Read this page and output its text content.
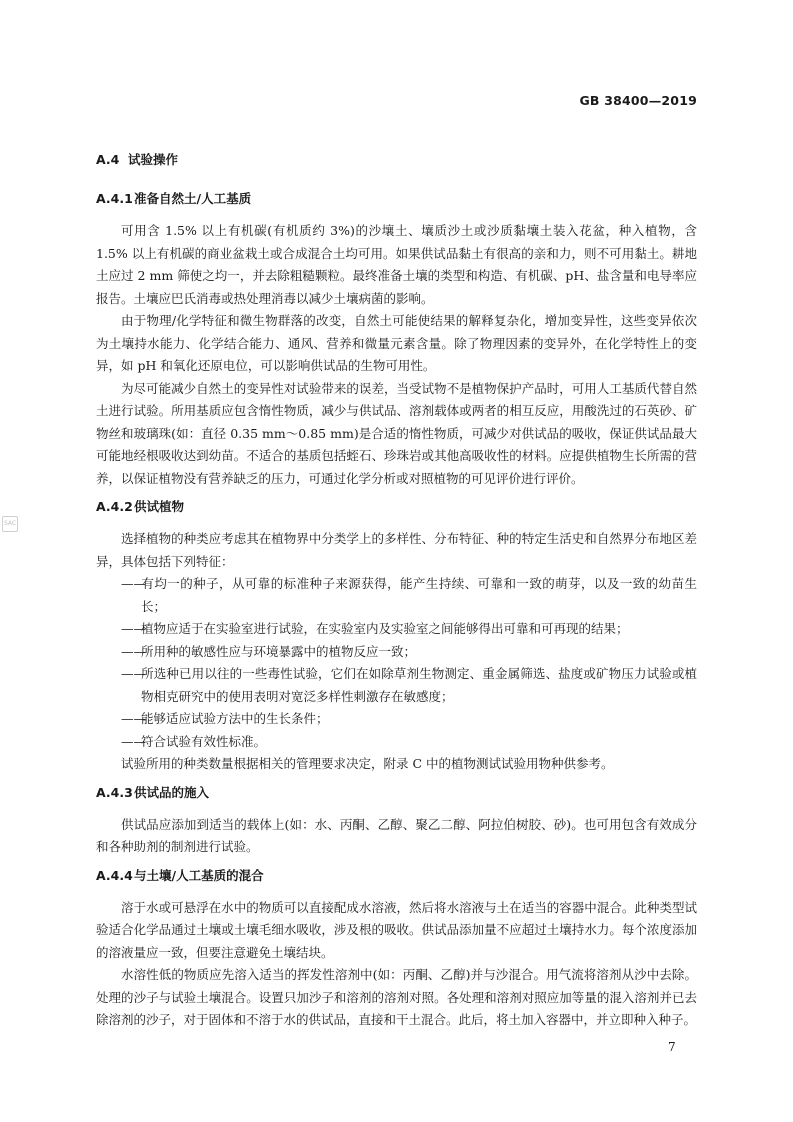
GB 38400—2019
SAC
A.4 试验操作
A.4.1准备自然土/人工基质

可用含 1.5% 以上有机碳(有机质约 3%)的沙壤土、壤质沙土或沙质黏壤土装入花盆，种入植物，含 1.5% 以上有机碳的商业盆栽土或合成混合土均可用。如果供试品黏土有很高的亲和力，则不可用黏土。耕地土应过 2 mm 筛使之均一，并去除粗糙颗粒。最终准备土壤的类型和构造、有机碳、pH、盐含量和电导率应报告。土壤应巴氏消毒或热处理消毒以减少土壤病菌的影响。

由于物理/化学特征和微生物群落的改变，自然土可能使结果的解释复杂化，增加变异性，这些变异依次为土壤持水能力、化学结合能力、通风、营养和微量元素含量。除了物理因素的变异外，在化学特性上的变异，如 pH 和氧化还原电位，可以影响供试品的生物可用性。

为尽可能减少自然土的变异性对试验带来的误差，当受试物不是植物保护产品时，可用人工基质代替自然土进行试验。所用基质应包含惰性物质，减少与供试品、溶剂载体或两者的相互反应，用酸洗过的石英砂、矿物丝和玻璃珠(如：直径 0.35 mm～0.85 mm)是合适的惰性物质，可减少对供试品的吸收，保证供试品最大可能地经根吸收达到幼苗。不适合的基质包括蛭石、珍珠岩或其他高吸收性的材料。应提供植物生长所需的营养，以保证植物没有营养缺乏的压力，可通过化学分析或对照植物的可见评价进行评价。

A.4.2供试植物

选择植物的种类应考虑其在植物界中分类学上的多样性、分布特征、种的特定生活史和自然界分布地区差异，具体包括下列特征：

——有均一的种子，从可靠的标准种子来源获得，能产生持续、可靠和一致的萌芽，以及一致的幼苗生长；
——植物应适于在实验室进行试验，在实验室内及实验室之间能够得出可靠和可再现的结果；
——所用种的敏感性应与环境暴露中的植物反应一致；
——所选种已用以往的一些毒性试验，它们在如除草剂生物测定、重金属筛选、盐度或矿物压力试验或植物相克研究中的使用表明对宽泛多样性刺激存在敏感度；
——能够适应试验方法中的生长条件；
——符合试验有效性标准。

试验所用的种类数量根据相关的管理要求决定，附录 C 中的植物测试试验用物种供参考。

A.4.3供试品的施入

供试品应添加到适当的载体上(如：水、丙酮、乙醇、聚乙二醇、阿拉伯树胶、砂)。也可用包含有效成分和各种助剂的制剂进行试验。

A.4.4与土壤/人工基质的混合

溶于水或可悬浮在水中的物质可以直接配成水溶液，然后将水溶液与土在适当的容器中混合。此种类型试验适合化学品通过土壤或土壤毛细水吸收，涉及根的吸收。供试品添加量不应超过土壤持水力。每个浓度添加的溶液量应一致，但要注意避免土壤结块。

水溶性低的物质应先溶入适当的挥发性溶剂中(如：丙酮、乙醇)并与沙混合。用气流将溶剂从沙中去除。处理的沙子与试验土壤混合。设置只加沙子和溶剂的溶剂对照。各处理和溶剂对照应加等量的混入溶剂并已去除溶剂的沙子，对于固体和不溶于水的供试品，直接和干土混合。此后，将土加入容器中，并立即种入种子。

7
